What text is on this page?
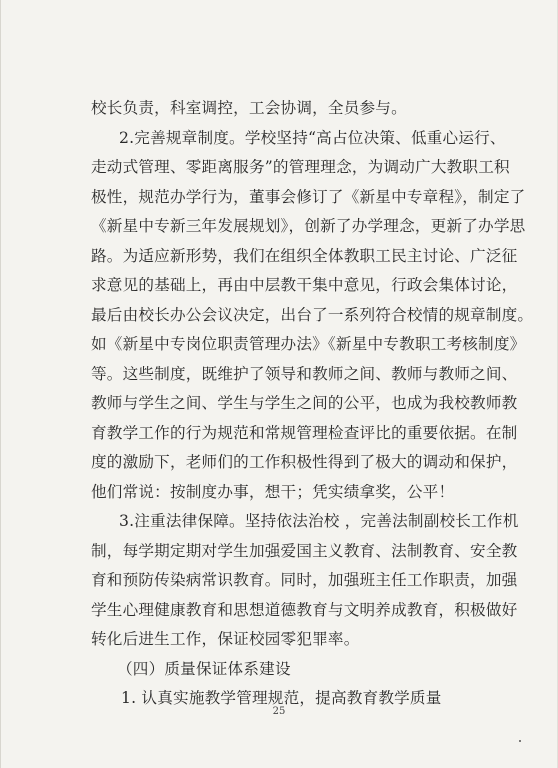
校长负责，科室调控，工会协调，全员参与。
2.完善规章制度。学校坚持“高占位决策、低重心运行、
走动式管理、零距离服务”的管理理念，为调动广大教职工积
极性，规范办学行为，董事会修订了《新星中专章程》，制定了
《新星中专新三年发展规划》，创新了办学理念，更新了办学思
路。为适应新形势，我们在组织全体教职工民主讨论、广泛征
求意见的基础上，再由中层教干集中意见，行政会集体讨论，
最后由校长办公会议决定，出台了一系列符合校情的规章制度。
如《新星中专岗位职责管理办法》《新星中专教职工考核制度》
等。这些制度，既维护了领导和教师之间、教师与教师之间、
教师与学生之间、学生与学生之间的公平，也成为我校教师教
育教学工作的行为规范和常规管理检查评比的重要依据。在制
度的激励下，老师们的工作积极性得到了极大的调动和保护，
他们常说：按制度办事，想干；凭实绩拿奖，公平！
3.注重法律保障。坚持依法治校 ，完善法制副校长工作机
制，每学期定期对学生加强爱国主义教育、法制教育、安全教
育和预防传染病常识教育。同时，加强班主任工作职责，加强
学生心理健康教育和思想道德教育与文明养成教育，积极做好
转化后进生工作，保证校园零犯罪率。
（四）质量保证体系建设
1. 认真实施教学管理规范，提高教育教学质量
25
